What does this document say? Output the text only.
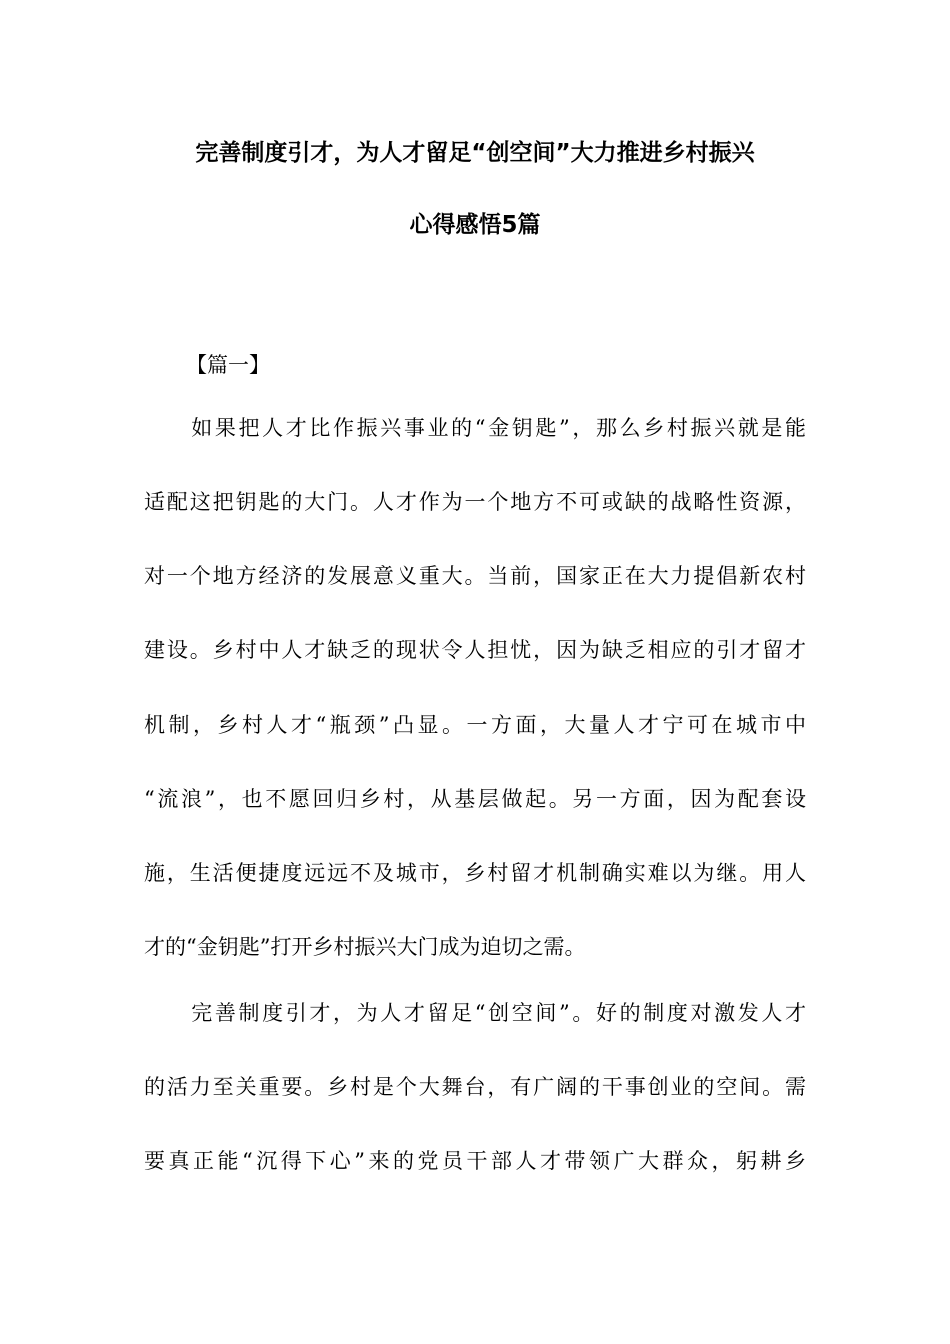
完善制度引才，为人才留足“创空间”大力推进乡村振兴
心得感悟5篇
【篇一】
　　如果把人才比作振兴事业的“金钥匙”，那么乡村振兴就是能
适配这把钥匙的大门。人才作为一个地方不可或缺的战略性资源，
对一个地方经济的发展意义重大。当前，国家正在大力提倡新农村
建设。乡村中人才缺乏的现状令人担忧，因为缺乏相应的引才留才
机制，乡村人才“瓶颈”凸显。一方面，大量人才宁可在城市中
“流浪”，也不愿回归乡村，从基层做起。另一方面，因为配套设
施，生活便捷度远远不及城市，乡村留才机制确实难以为继。用人
才的“金钥匙”打开乡村振兴大门成为迫切之需。
　　完善制度引才，为人才留足“创空间”。好的制度对激发人才
的活力至关重要。乡村是个大舞台，有广阔的干事创业的空间。需
要真正能“沉得下心”来的党员干部人才带领广大群众，躬耕乡
